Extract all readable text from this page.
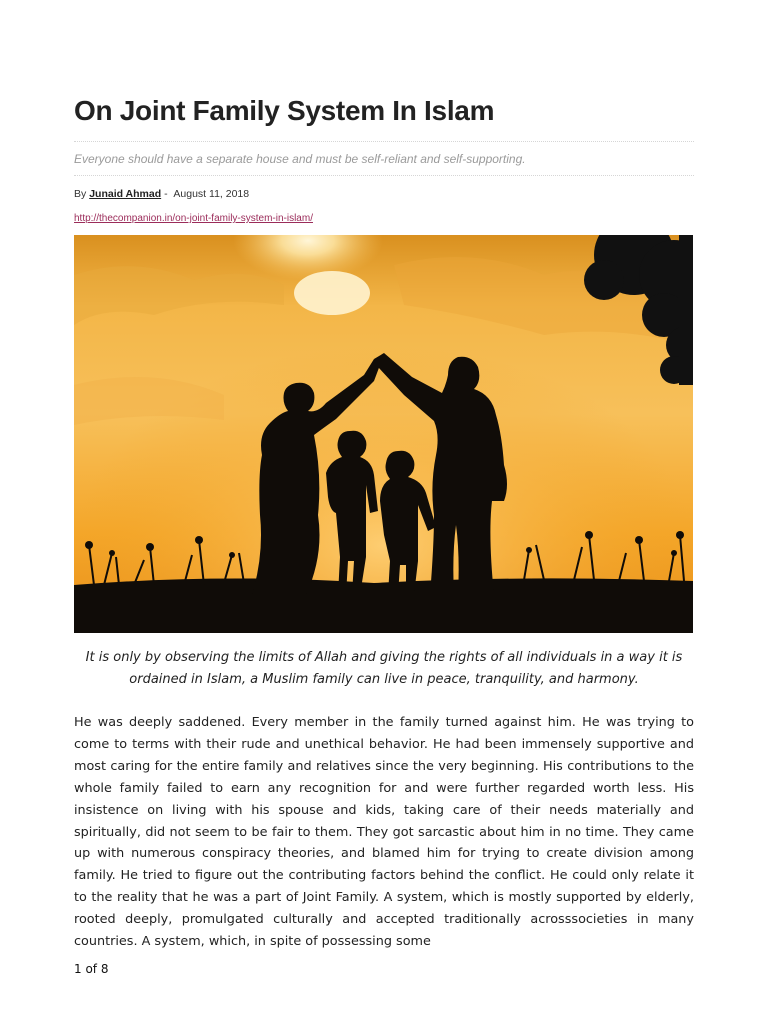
On Joint Family System In Islam
Everyone should have a separate house and must be self-reliant and self-supporting.
By Junaid Ahmad - August 11, 2018
http://thecompanion.in/on-joint-family-system-in-islam/
It is only by observing the limits of Allah and giving the rights of all individuals in a way it is ordained in Islam, a Muslim family can live in peace, tranquility, and harmony.
He was deeply saddened. Every member in the family turned against him. He was trying to come to terms with their rude and unethical behavior. He had been immensely supportive and most caring for the entire family and relatives since the very beginning. His contributions to the whole family failed to earn any recognition for and were further regarded worth less. His insistence on living with his spouse and kids, taking care of their needs materially and spiritually, did not seem to be fair to them. They got sarcastic about him in no time. They came up with numerous conspiracy theories, and blamed him for trying to create division among family. He tried to figure out the contributing factors behind the conflict. He could only relate it to the reality that he was a part of Joint Family. A system, which is mostly supported by elderly, rooted deeply, promulgated culturally and accepted traditionally acrosssocieties in many countries. A system, which, in spite of possessing some
1 of 8
